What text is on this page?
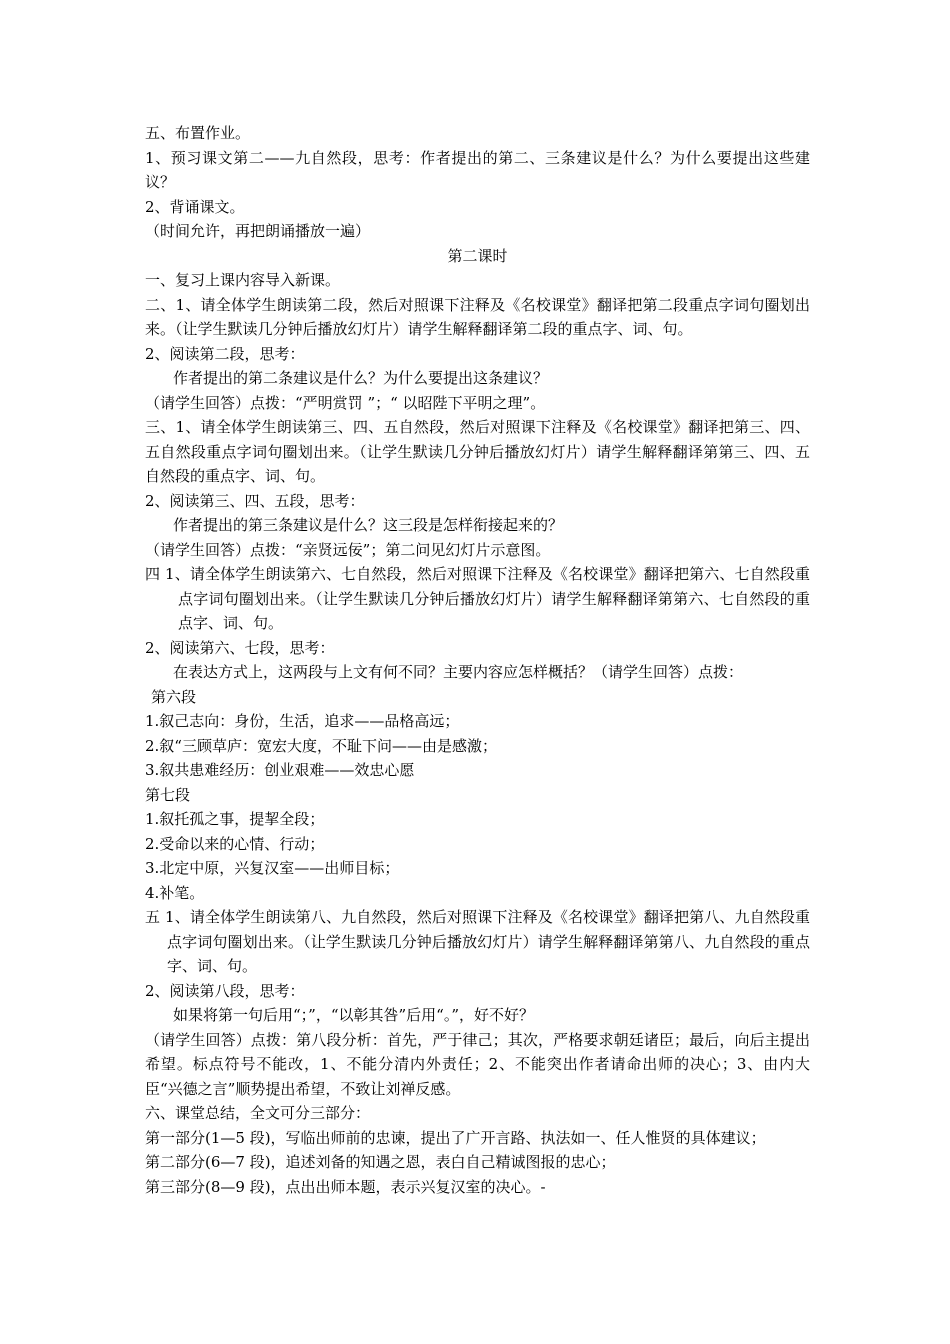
五、布置作业。

1、预习课文第二——九自然段，思考：作者提出的第二、三条建议是什么？为什么要提出这些建议？

2、背诵课文。

（时间允许，再把朗诵播放一遍）

第二课时

一、复习上课内容导入新课。

二、1、请全体学生朗读第二段，然后对照课下注释及《名校课堂》翻译把第二段重点字词句圈划出来。（让学生默读几分钟后播放幻灯片）请学生解释翻译第二段的重点字、词、句。

2、阅读第二段，思考：

作者提出的第二条建议是什么？为什么要提出这条建议？

（请学生回答）点拨：“严明赏罚 ”；“ 以昭陛下平明之理”。

三、1、请全体学生朗读第三、四、五自然段，然后对照课下注释及《名校课堂》翻译把第三、四、五自然段重点字词句圈划出来。（让学生默读几分钟后播放幻灯片）请学生解释翻译第第三、四、五自然段的重点字、词、句。

2、阅读第三、四、五段，思考：

作者提出的第三条建议是什么？这三段是怎样衔接起来的？

（请学生回答）点拨：“亲贤远佞”；第二问见幻灯片示意图。

四 1、请全体学生朗读第六、七自然段，然后对照课下注释及《名校课堂》翻译把第六、七自然段重点字词句圈划出来。（让学生默读几分钟后播放幻灯片）请学生解释翻译第第六、七自然段的重点字、词、句。

2、阅读第六、七段，思考：

在表达方式上，这两段与上文有何不同？主要内容应怎样概括？（请学生回答）点拨：

第六段

1.叙己志向：身份，生活，追求——品格高远；

2.叙“三顾草庐：宽宏大度，不耻下问——由是感激；

3.叙共患难经历：创业艰难——效忠心愿

第七段

1.叙托孤之事，提挈全段；

2.受命以来的心情、行动；

3.北定中原，兴复汉室——出师目标；

4.补笔。

五 1、请全体学生朗读第八、九自然段，然后对照课下注释及《名校课堂》翻译把第八、九自然段重点字词句圈划出来。（让学生默读几分钟后播放幻灯片）请学生解释翻译第第八、九自然段的重点字、词、句。

2、阅读第八段，思考：

如果将第一句后用“；”，“以彰其咎”后用“。”，好不好？

（请学生回答）点拨：第八段分析：首先，严于律己；其次，严格要求朝廷诸臣；最后，向后主提出希望。标点符号不能改，1、不能分清内外责任；2、不能突出作者请命出师的决心；3、由内大臣“兴德之言”顺势提出希望，不致让刘禅反感。

六、课堂总结，全文可分三部分：

第一部分(1—5 段)，写临出师前的忠谏，提出了广开言路、执法如一、任人惟贤的具体建议；

第二部分(6—7 段)，追述刘备的知遇之恩，表白自己精诚图报的忠心；

第三部分(8—9 段)，点出出师本题，表示兴复汉室的决心。-
